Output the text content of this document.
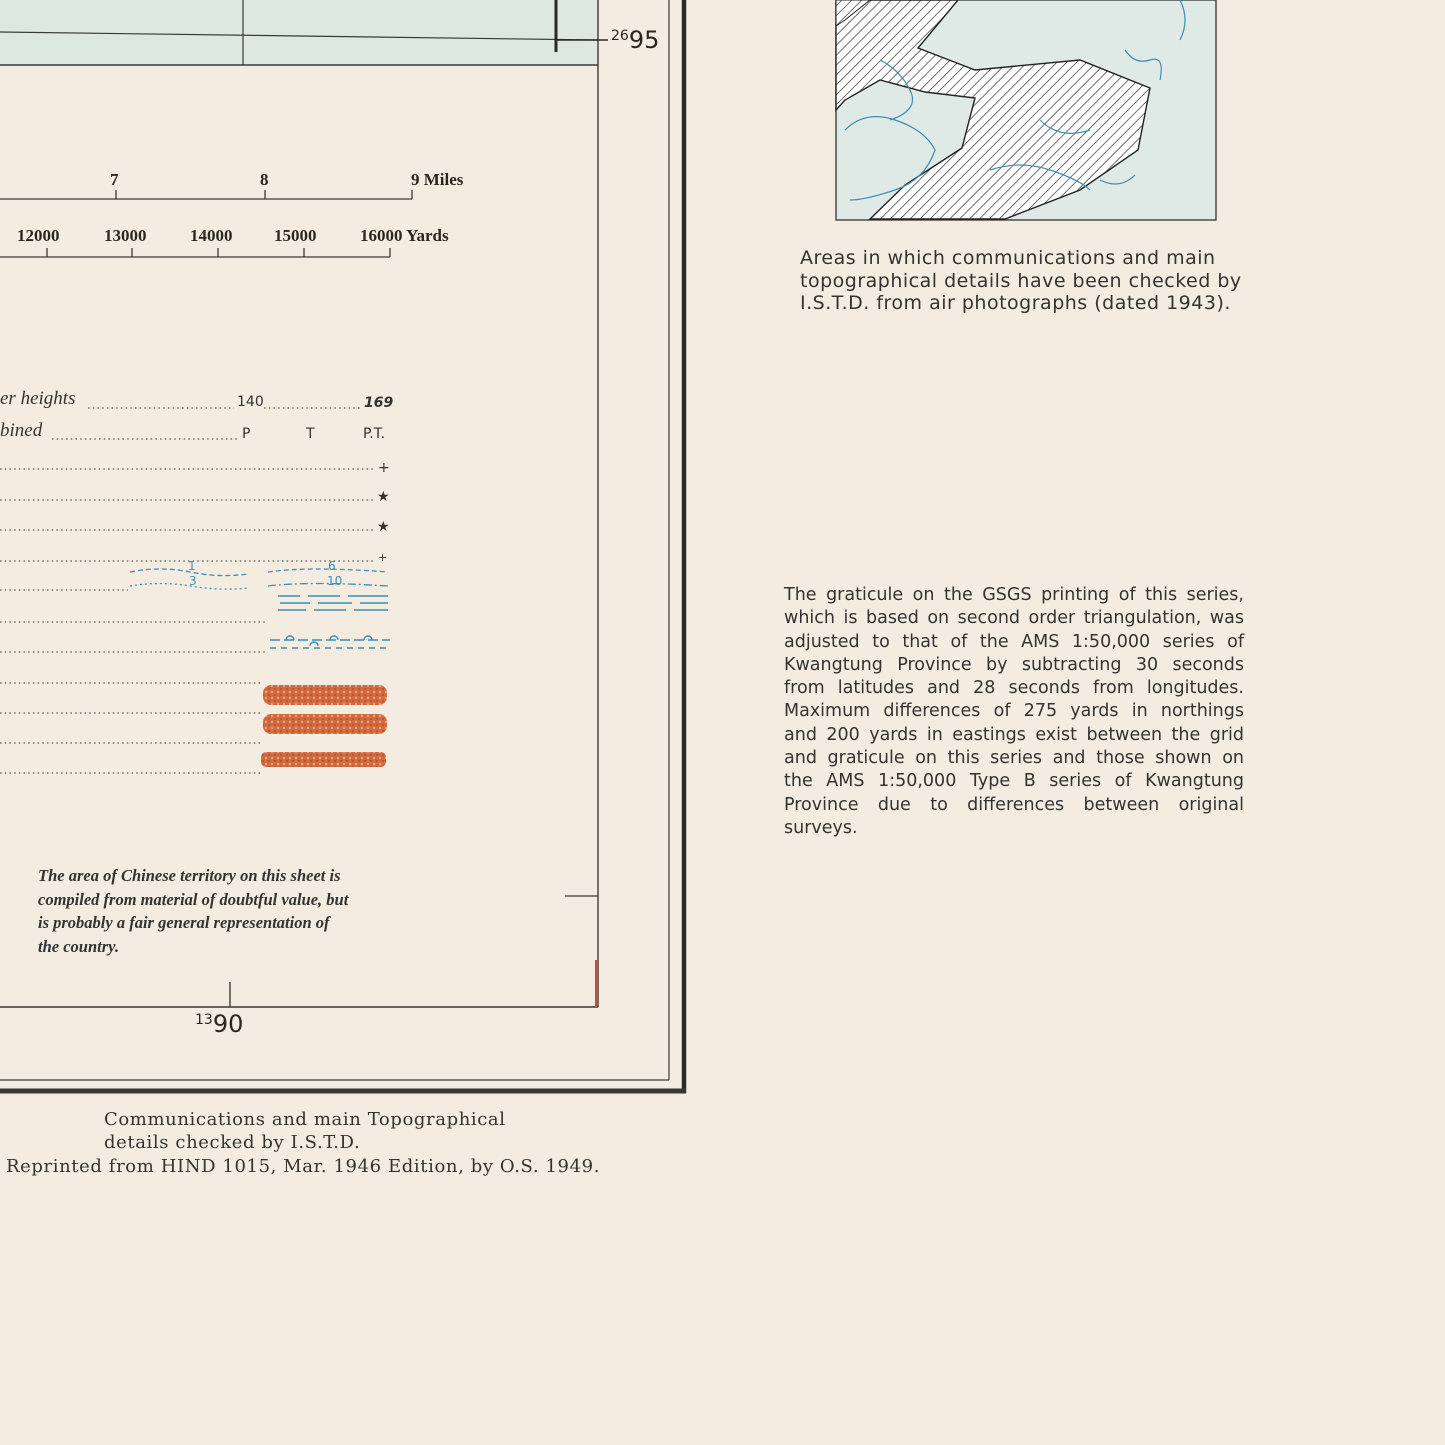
$^{26}$95
$^{13}$90
7	8	9 Miles
12000	13000	14000 15000	16000 Yards
er heights	140	169
bined	P	T	P.T.
+
★
★
+
1
3
6
10
The area of Chinese territory on this sheet is
compiled from material of doubtful value, but
is probably a fair general representation of
the country.
Areas in which communications and main
topographical details have been checked by
I.S.T.D. from air photographs (dated 1943).
The graticule on the GSGS printing of this series,
which is based on second order triangulation, was
adjusted to that of the AMS 1:50,000 series of
Kwangtung Province by subtracting 30 seconds
from latitudes and 28 seconds from longitudes.
Maximum differences of 275 yards in northings
and 200 yards in eastings exist between the grid
and graticule on this series and those shown on
the AMS 1:50,000 Type B series of Kwangtung
Province due to differences between original
surveys.
Communications and main Topographical
details checked by I.S.T.D.
Reprinted from HIND 1015, Mar. 1946 Edition, by O.S. 1949.
